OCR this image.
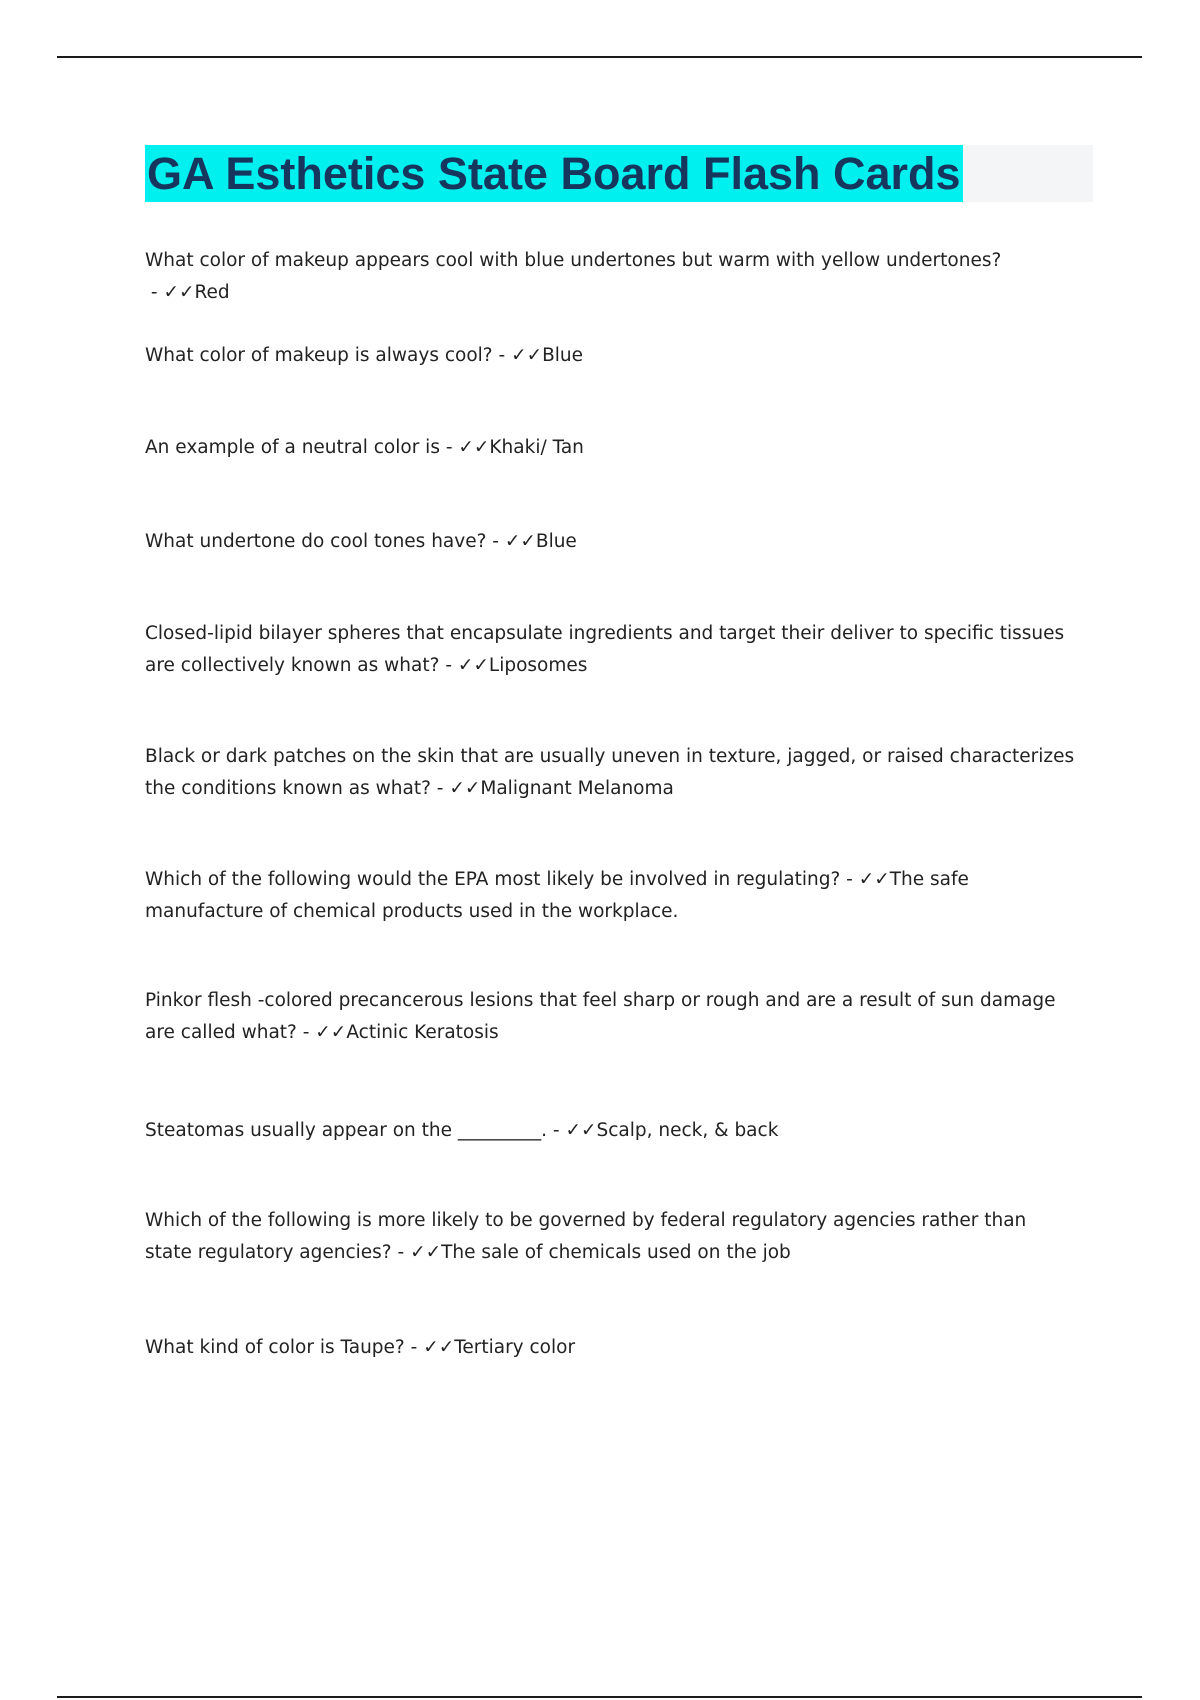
GA Esthetics State Board Flash Cards

What color of makeup appears cool with blue undertones but warm with yellow undertones? - ✓✓Red

What color of makeup is always cool? - ✓✓Blue

An example of a neutral color is - ✓✓Khaki/ Tan

What undertone do cool tones have? - ✓✓Blue

Closed-lipid bilayer spheres that encapsulate ingredients and target their deliver to specific tissues are collectively known as what? - ✓✓Liposomes

Black or dark patches on the skin that are usually uneven in texture, jagged, or raised characterizes the conditions known as what? - ✓✓Malignant Melanoma

Which of the following would the EPA most likely be involved in regulating? - ✓✓The safe manufacture of chemical products used in the workplace.

Pinkor flesh -colored precancerous lesions that feel sharp or rough and are a result of sun damage are called what? - ✓✓Actinic Keratosis

Steatomas usually appear on the _________. - ✓✓Scalp, neck, & back

Which of the following is more likely to be governed by federal regulatory agencies rather than state regulatory agencies? - ✓✓The sale of chemicals used on the job

What kind of color is Taupe? - ✓✓Tertiary color
